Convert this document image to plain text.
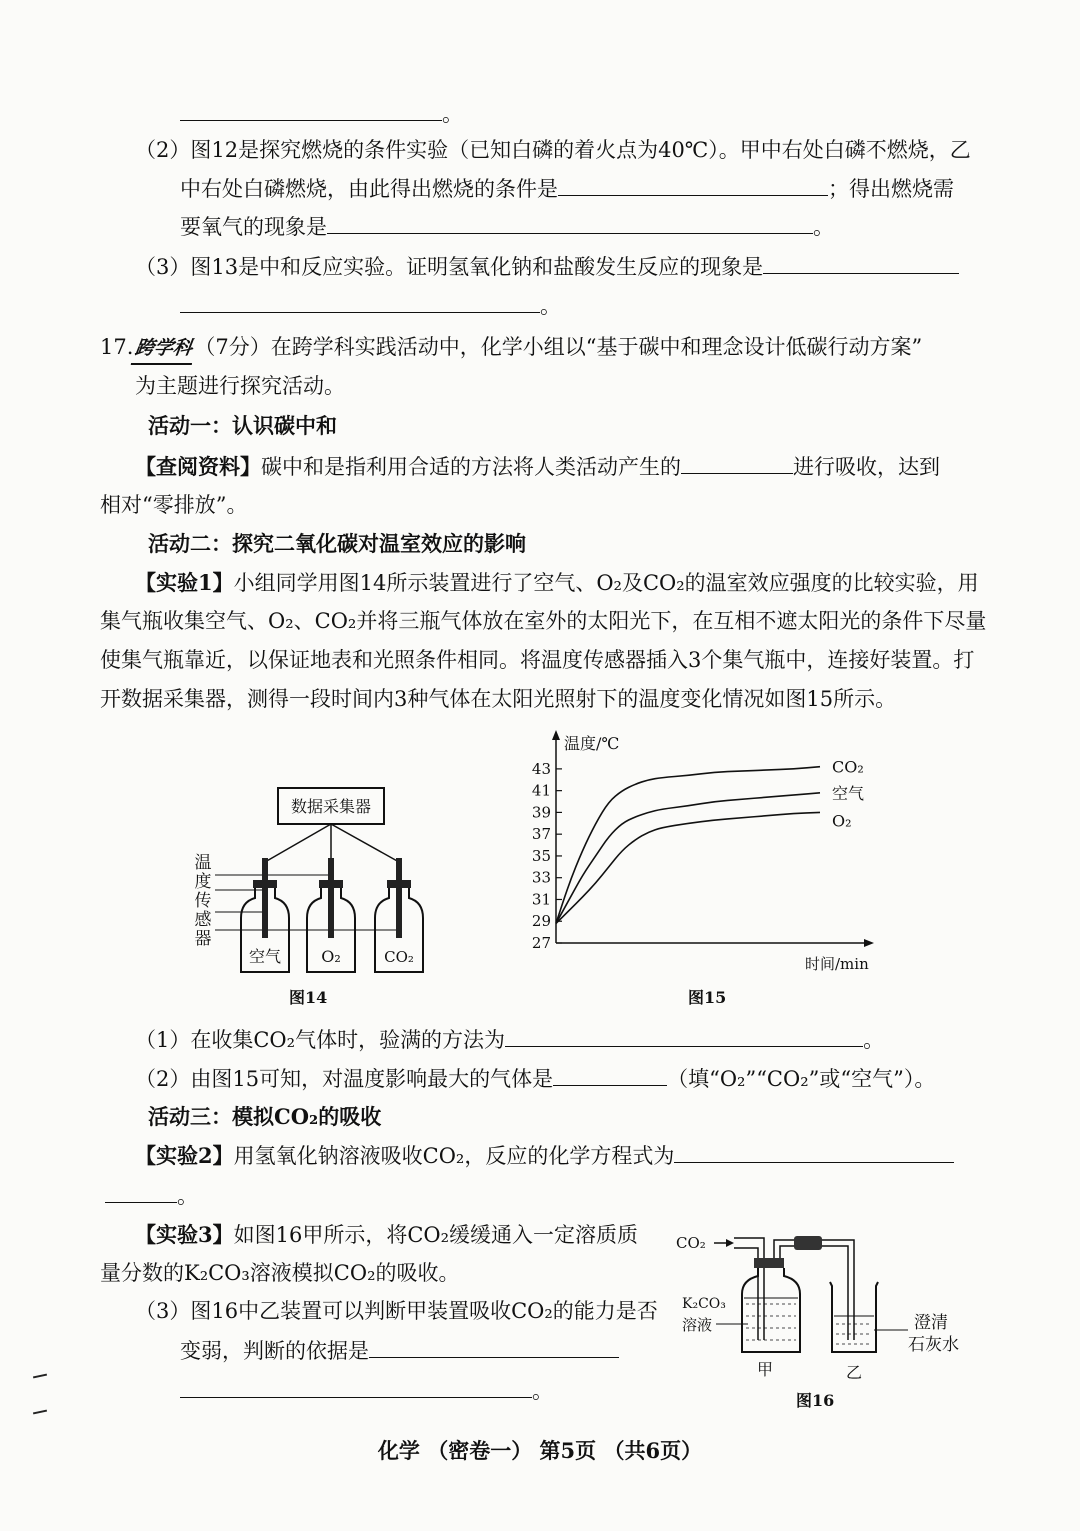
。
（2）图12是探究燃烧的条件实验（已知白磷的着火点为40℃）。甲中右处白磷不燃烧，乙
中右处白磷燃烧，由此得出燃烧的条件是	；得出燃烧需
要氧气的现象是	。
（3）图13是中和反应实验。证明氢氧化钠和盐酸发生反应的现象是
。
17.跨学科（7分）在跨学科实践活动中，化学小组以“基于碳中和理念设计低碳行动方案”
为主题进行探究活动。
活动一：认识碳中和
【查阅资料】碳中和是指利用合适的方法将人类活动产生的	进行吸收，达到
相对“零排放”。
活动二：探究二氧化碳对温室效应的影响
【实验1】小组同学用图14所示装置进行了空气、O₂及CO₂的温室效应强度的比较实验，用
集气瓶收集空气、O₂、CO₂并将三瓶气体放在室外的太阳光下，在互相不遮太阳光的条件下尽量
使集气瓶靠近，以保证地表和光照条件相同。将温度传感器插入3个集气瓶中，连接好装置。打
开数据采集器，测得一段时间内3种气体在太阳光照射下的温度变化情况如图15所示。
数据采集器
温
度
传
感
器
空气	O₂	CO₂
图14
温度/℃
时间/min
27
29
31
33
35
37
39
41
43	CO₂
空气
O₂
图15
（1）在收集CO₂气体时，验满的方法为	。
（2）由图15可知，对温度影响最大的气体是	（填“O₂”“CO₂”或“空气”）。
活动三：模拟CO₂的吸收
【实验2】用氢氧化钠溶液吸收CO₂，反应的化学方程式为
。
【实验3】如图16甲所示，将CO₂缓缓通入一定溶质质
量分数的K₂CO₃溶液模拟CO₂的吸收。
（3）图16中乙装置可以判断甲装置吸收CO₂的能力是否
变弱，判断的依据是
。
CO₂
K₂CO₃
溶液
甲
澄清
石灰水
乙
图16
化学 （密卷一） 第5页 （共6页）
